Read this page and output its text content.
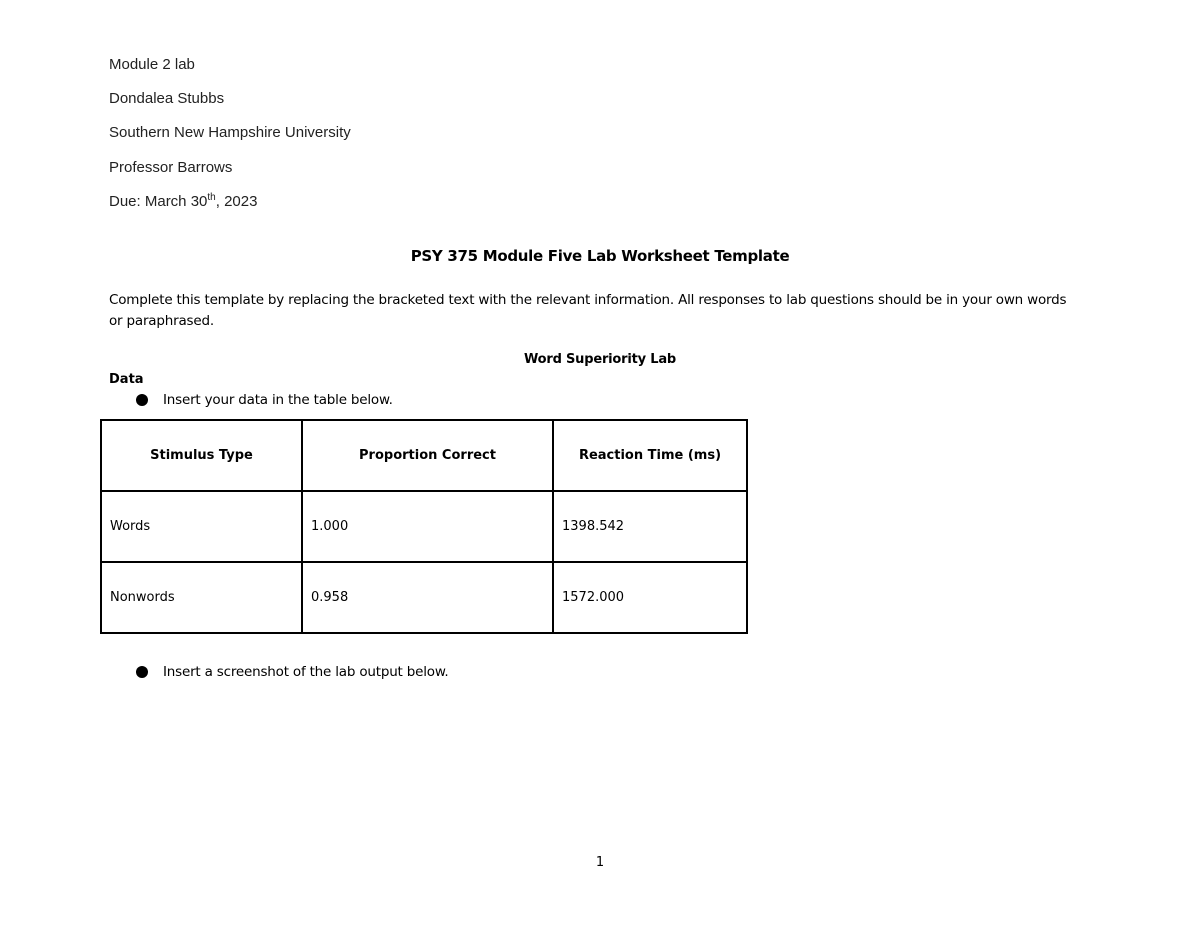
Module 2 lab
Dondalea Stubbs
Southern New Hampshire University
Professor Barrows
Due: March 30th, 2023
PSY 375 Module Five Lab Worksheet Template
Complete this template by replacing the bracketed text with the relevant information. All responses to lab questions should be in your own words or paraphrased.
Word Superiority Lab
Data
Insert your data in the table below.
Stimulus Type	Proportion Correct	Reaction Time (ms)
Words	1.000	1398.542
Nonwords	0.958	1572.000
Insert a screenshot of the lab output below.
1
